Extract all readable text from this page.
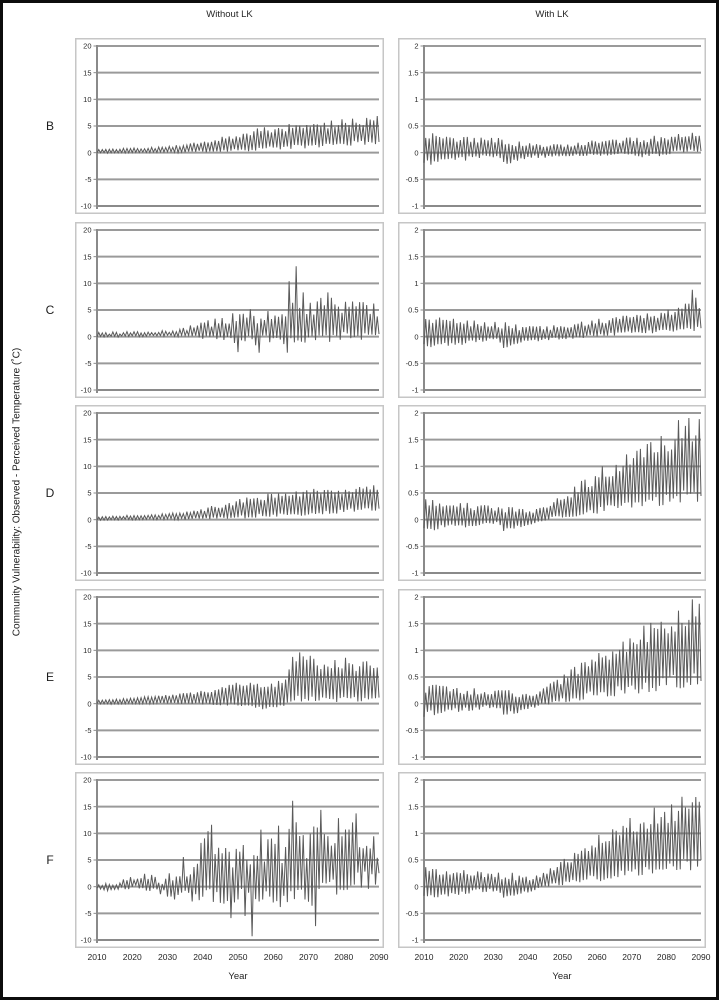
Without LK	With LK
B
C
D
E
F
Community Vulnerability: Observed - Perceived Temperature (˚C)
20
15
10
5
0
-5
-10
2
1.5
1
0.5
0
-0.5
-1
20
15
10
5
0
-5
-10
2
1.5
1
0.5
0
-0.5
-1
20
15
10
5
0
-5
-10
2
1.5
1
0.5
0
-0.5
-1
20
15
10
5
0
-5
-10
2
1.5
1
0.5
0
-0.5
-1
20
15
10
5
0
-5
-10
2
1.5
1
0.5
0
-0.5
-1
2010 2020 2030 2040 2050 2060 2070 2080 2090	2010 2020 2030 2040 2050 2060 2070 2080 2090
Year	Year
